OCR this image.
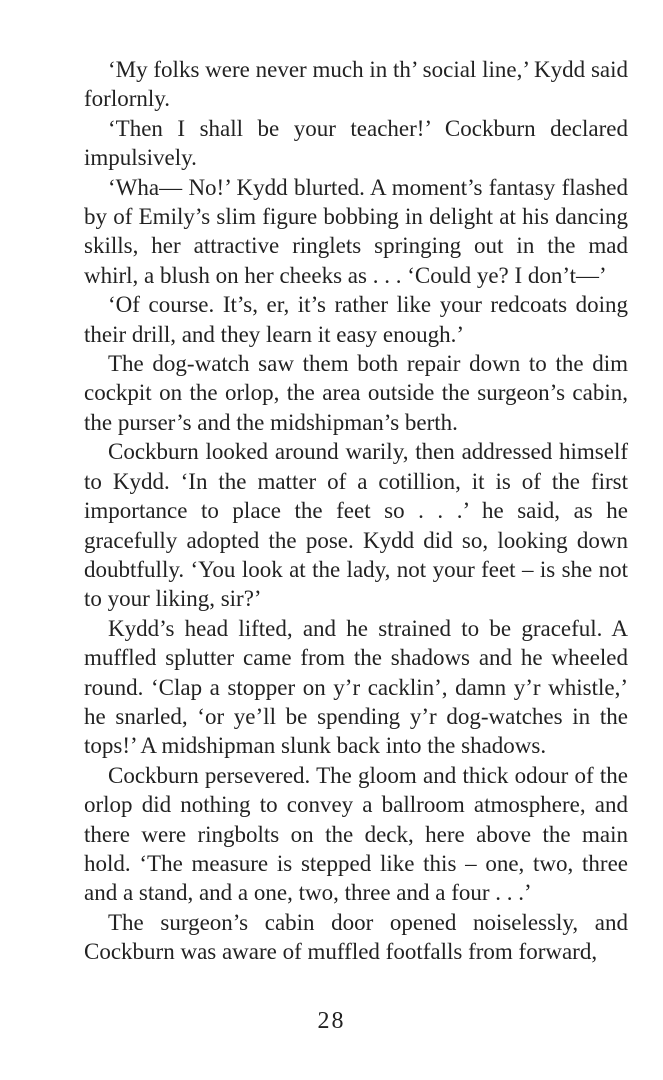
‘My folks were never much in th’ social line,’ Kydd said forlornly.

‘Then I shall be your teacher!’ Cockburn declared impulsively.

‘Wha— No!’ Kydd blurted. A moment’s fantasy flashed by of Emily’s slim figure bobbing in delight at his dancing skills, her attractive ringlets springing out in the mad whirl, a blush on her cheeks as . . . ‘Could ye? I don’t—’

‘Of course. It’s, er, it’s rather like your redcoats doing their drill, and they learn it easy enough.’

The dog-watch saw them both repair down to the dim cockpit on the orlop, the area outside the surgeon’s cabin, the purser’s and the midshipman’s berth.

Cockburn looked around warily, then addressed himself to Kydd. ‘In the matter of a cotillion, it is of the first importance to place the feet so . . .’ he said, as he gracefully adopted the pose. Kydd did so, looking down doubtfully. ‘You look at the lady, not your feet – is she not to your liking, sir?’

Kydd’s head lifted, and he strained to be graceful. A muffled splutter came from the shadows and he wheeled round. ‘Clap a stopper on y’r cacklin’, damn y’r whistle,’ he snarled, ‘or ye’ll be spending y’r dog-watches in the tops!’ A midshipman slunk back into the shadows.

Cockburn persevered. The gloom and thick odour of the orlop did nothing to convey a ballroom atmosphere, and there were ringbolts on the deck, here above the main hold. ‘The measure is stepped like this – one, two, three and a stand, and a one, two, three and a four . . .’

The surgeon’s cabin door opened noiselessly, and Cockburn was aware of muffled footfalls from forward,

28
